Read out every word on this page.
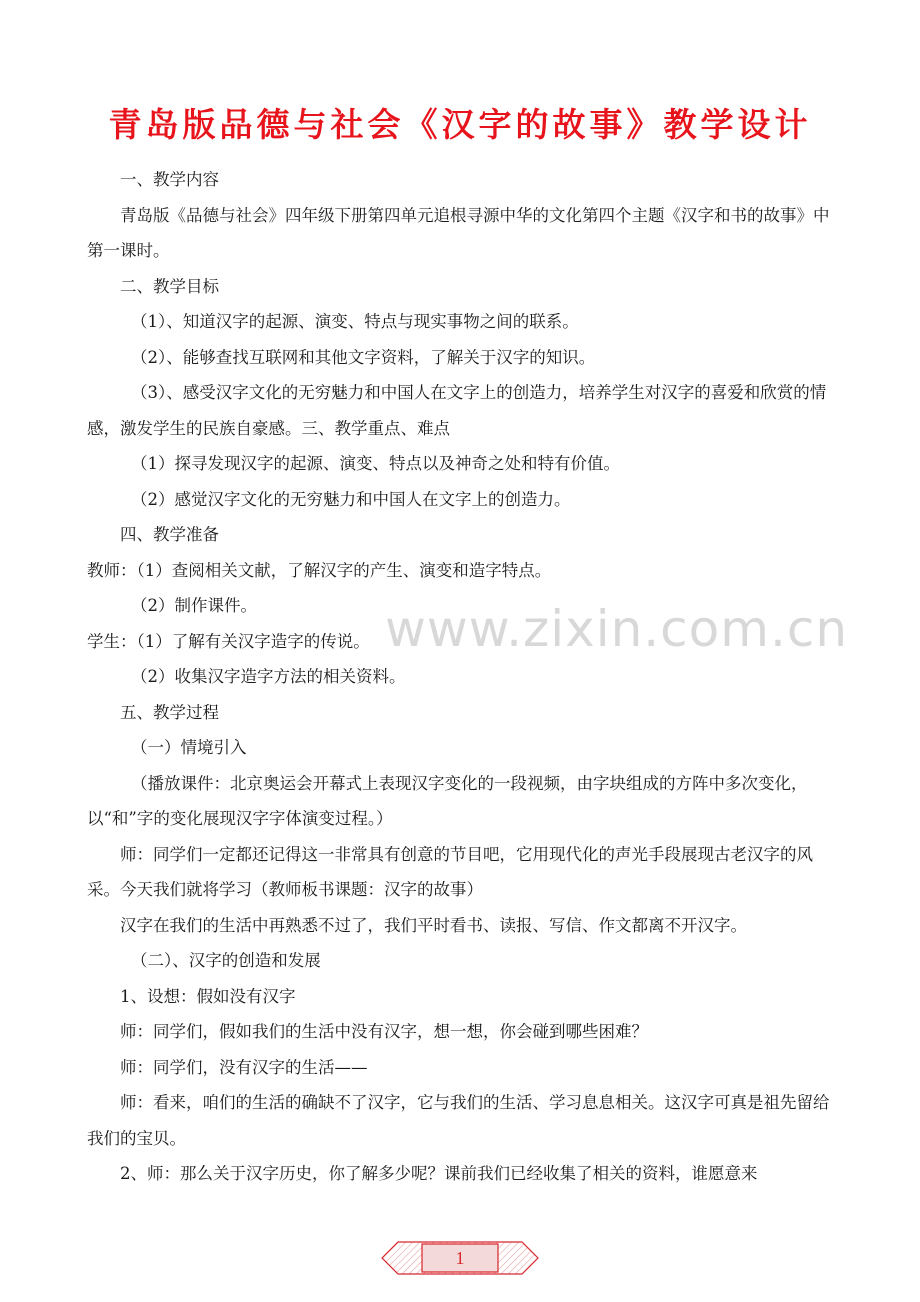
青岛版品德与社会《汉字的故事》教学设计

一、教学内容

青岛版《品德与社会》四年级下册第四单元追根寻源中华的文化第四个主题《汉字和书的故事》中第一课时。

二、教学目标

（1）、知道汉字的起源、演变、特点与现实事物之间的联系。

（2）、能够查找互联网和其他文字资料，了解关于汉字的知识。

（3）、感受汉字文化的无穷魅力和中国人在文字上的创造力，培养学生对汉字的喜爱和欣赏的情感，激发学生的民族自豪感。三、教学重点、难点

（1）探寻发现汉字的起源、演变、特点以及神奇之处和特有价值。

（2）感觉汉字文化的无穷魅力和中国人在文字上的创造力。

四、教学准备

教师：（1）查阅相关文献，了解汉字的产生、演变和造字特点。

（2）制作课件。

学生：（1）了解有关汉字造字的传说。

（2）收集汉字造字方法的相关资料。

五、教学过程

（一）情境引入

（播放课件：北京奥运会开幕式上表现汉字变化的一段视频，由字块组成的方阵中多次变化，以“和”字的变化展现汉字字体演变过程。）

师：同学们一定都还记得这一非常具有创意的节目吧，它用现代化的声光手段展现古老汉字的风采。今天我们就将学习（教师板书课题：汉字的故事）

汉字在我们的生活中再熟悉不过了，我们平时看书、读报、写信、作文都离不开汉字。

（二）、汉字的创造和发展

1、设想：假如没有汉字

师：同学们，假如我们的生活中没有汉字，想一想，你会碰到哪些困难？

师：同学们，没有汉字的生活——

师：看来，咱们的生活的确缺不了汉字，它与我们的生活、学习息息相关。这汉字可真是祖先留给我们的宝贝。

2、师：那么关于汉字历史，你了解多少呢？课前我们已经收集了相关的资料，谁愿意来

www.zixin.com.cn
1
